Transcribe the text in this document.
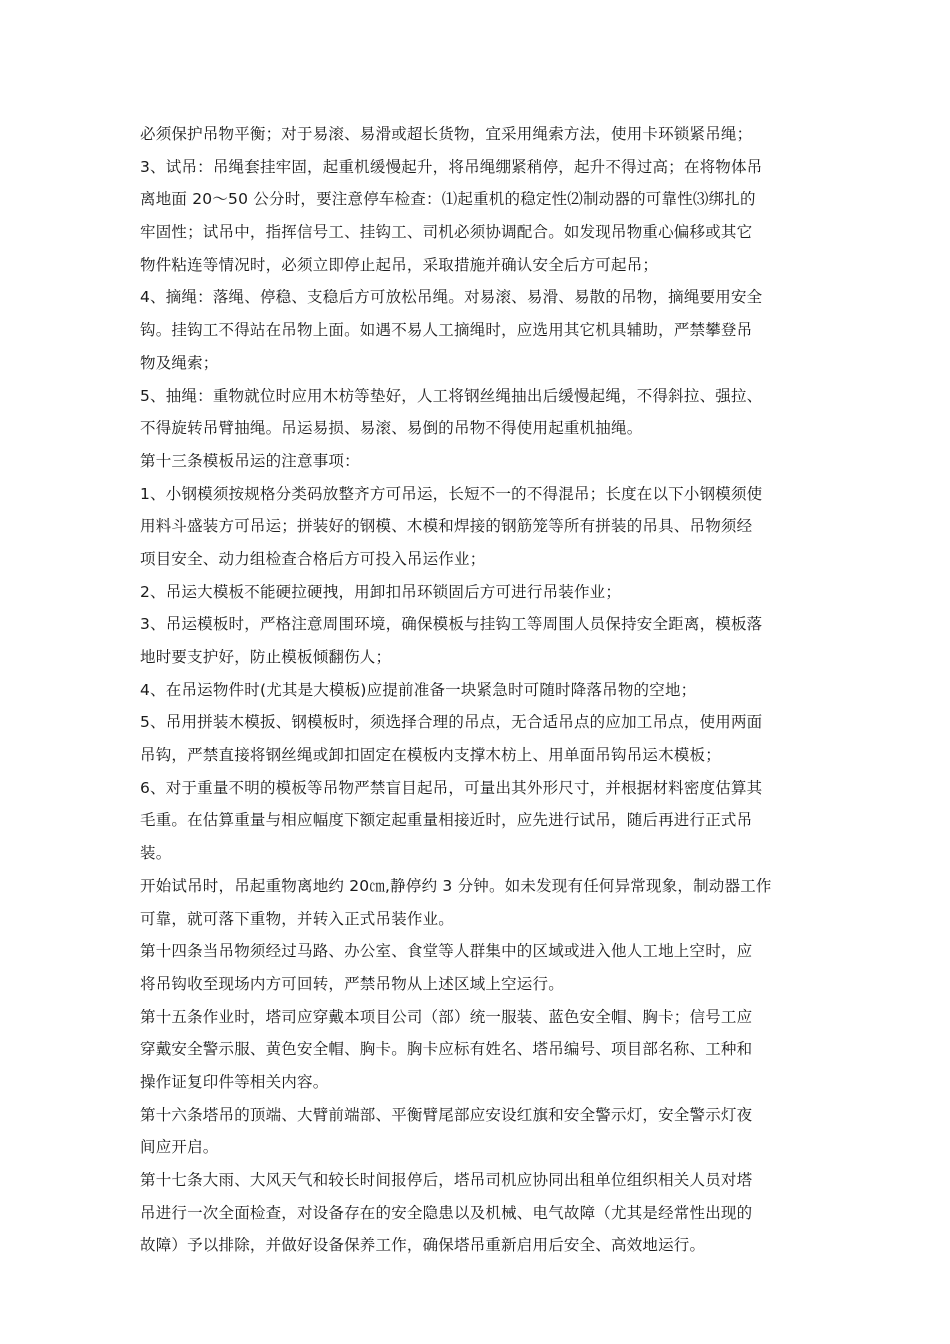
必须保护吊物平衡；对于易滚、易滑或超长货物，宜采用绳索方法，使用卡环锁紧吊绳；
3、试吊：吊绳套挂牢固，起重机缓慢起升，将吊绳绷紧稍停，起升不得过高；在将物体吊
离地面 20～50 公分时，要注意停车检查：⑴起重机的稳定性⑵制动器的可靠性⑶绑扎的
牢固性；试吊中，指挥信号工、挂钩工、司机必须协调配合。如发现吊物重心偏移或其它
物件粘连等情况时，必须立即停止起吊，采取措施并确认安全后方可起吊；
4、摘绳：落绳、停稳、支稳后方可放松吊绳。对易滚、易滑、易散的吊物，摘绳要用安全
钩。挂钩工不得站在吊物上面。如遇不易人工摘绳时，应选用其它机具辅助，严禁攀登吊
物及绳索；
5、抽绳：重物就位时应用木枋等垫好，人工将钢丝绳抽出后缓慢起绳，不得斜拉、强拉、
不得旋转吊臂抽绳。吊运易损、易滚、易倒的吊物不得使用起重机抽绳。
第十三条模板吊运的注意事项：
1、小钢模须按规格分类码放整齐方可吊运，长短不一的不得混吊；长度在以下小钢模须使
用料斗盛装方可吊运；拼装好的钢模、木模和焊接的钢筋笼等所有拼装的吊具、吊物须经
项目安全、动力组检查合格后方可投入吊运作业；
2、吊运大模板不能硬拉硬拽，用卸扣吊环锁固后方可进行吊装作业；
3、吊运模板时，严格注意周围环境，确保模板与挂钩工等周围人员保持安全距离，模板落
地时要支护好，防止模板倾翻伤人；
4、在吊运物件时(尤其是大模板)应提前准备一块紧急时可随时降落吊物的空地；
5、吊用拼装木模扳、钢模板时，须选择合理的吊点，无合适吊点的应加工吊点，使用两面
吊钩，严禁直接将钢丝绳或卸扣固定在模板内支撑木枋上、用单面吊钩吊运木模板；
6、对于重量不明的模板等吊物严禁盲目起吊，可量出其外形尺寸，并根据材料密度估算其
毛重。在估算重量与相应幅度下额定起重量相接近时，应先进行试吊，随后再进行正式吊
装。
开始试吊时，吊起重物离地约 20㎝,静停约 3 分钟。如未发现有任何异常现象，制动器工作
可靠，就可落下重物，并转入正式吊装作业。
第十四条当吊物须经过马路、办公室、食堂等人群集中的区域或进入他人工地上空时，应
将吊钩收至现场内方可回转，严禁吊物从上述区域上空运行。
第十五条作业时，塔司应穿戴本项目公司（部）统一服装、蓝色安全帽、胸卡；信号工应
穿戴安全警示服、黄色安全帽、胸卡。胸卡应标有姓名、塔吊编号、项目部名称、工种和
操作证复印件等相关内容。
第十六条塔吊的顶端、大臂前端部、平衡臂尾部应安设红旗和安全警示灯，安全警示灯夜
间应开启。
第十七条大雨、大风天气和较长时间报停后，塔吊司机应协同出租单位组织相关人员对塔
吊进行一次全面检查，对设备存在的安全隐患以及机械、电气故障（尤其是经常性出现的
故障）予以排除，并做好设备保养工作，确保塔吊重新启用后安全、高效地运行。
